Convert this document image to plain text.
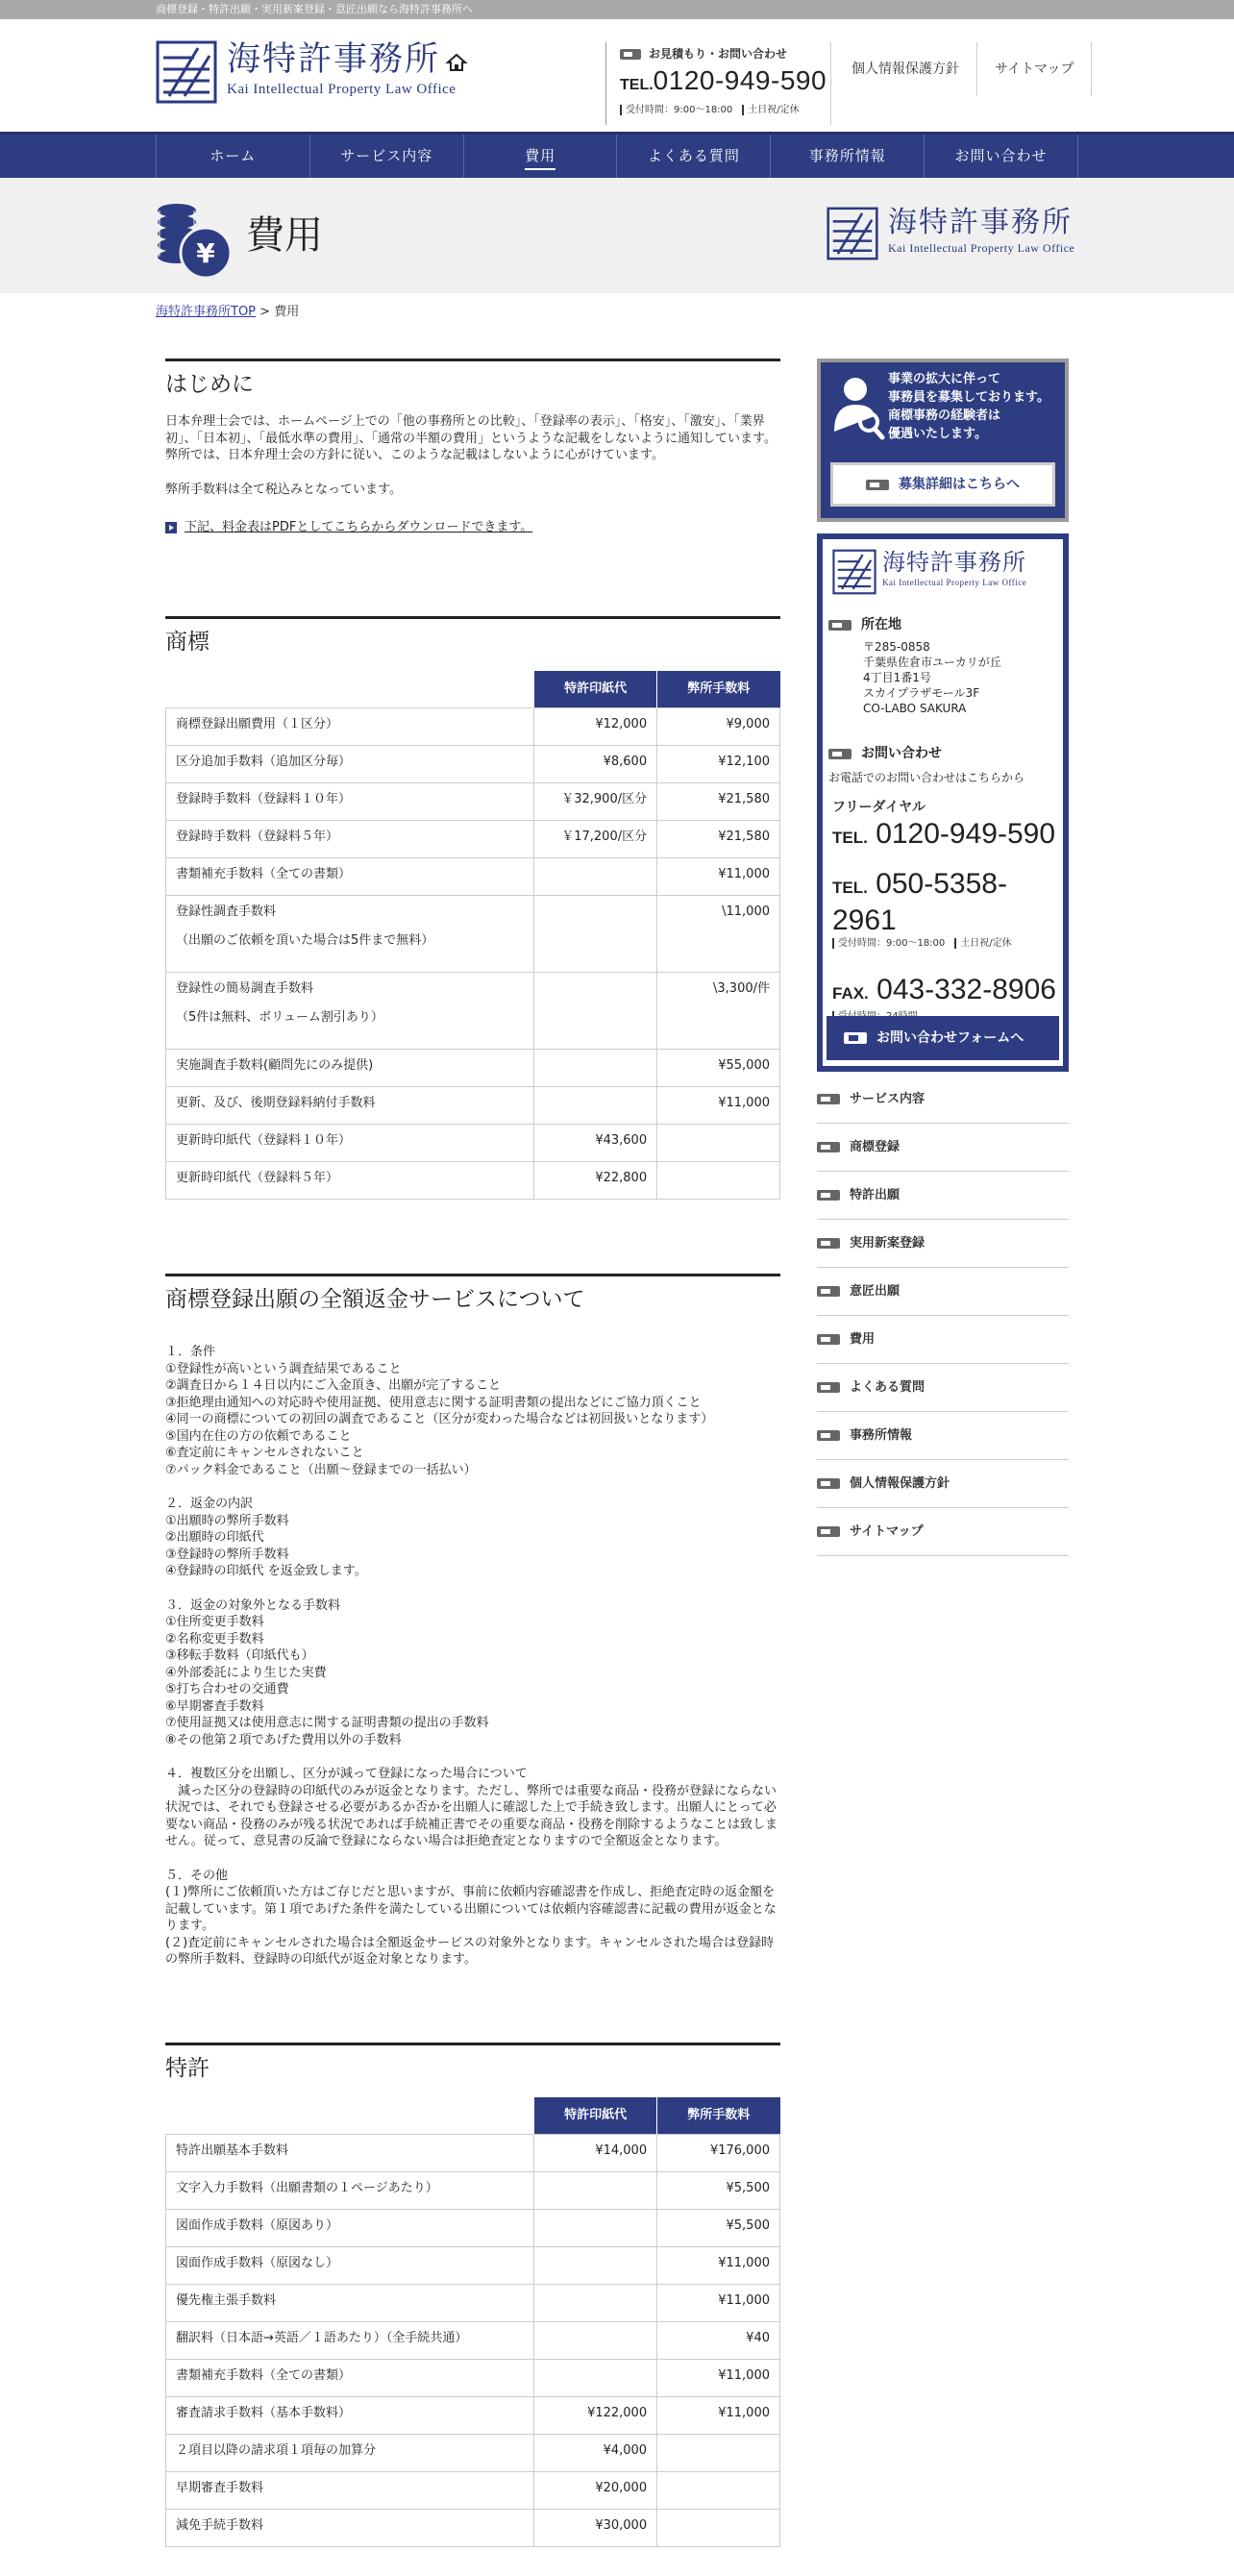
商標登録・特許出願・実用新案登録・意匠出願なら海特許事務所へ
海特許事務所
Kai Intellectual Property Law Office
お見積もり・お問い合わせ
TEL.0120-949-590
受付時間：9:00〜18:00 土日祝/定休
個人情報保護方針	サイトマップ
ホーム	サービス内容	費用	よくある質問	事務所情報	お問い合わせ
¥ 費用	海特許事務所
Kai Intellectual Property Law Office
海特許事務所TOP > 費用
はじめに

日本弁理士会では、ホームページ上での「他の事務所との比較」、「登録率の表示」、「格安」、「激安」、「業界初」、「日本初」、「最低水準の費用」、「通常の半額の費用」というような記載をしないように通知しています。

弊所では、日本弁理士会の方針に従い、このような記載はしないように心がけています。

弊所手数料は全て税込みとなっています。

下記、料金表はPDFとしてこちらからダウンロードできます。
商標
	特許印紙代	弊所手数料

商標登録出願費用（１区分）	¥12,000	¥9,000

区分追加手数料（追加区分毎）	¥8,600	¥12,100

登録時手数料（登録料１０年）	￥32,900/区分	¥21,580

登録時手数料（登録料５年）	￥17,200/区分	¥21,580

書類補充手数料（全ての書類）		¥11,000

登録性調査手数料
（出願のご依頼を頂いた場合は5件まで無料）		\11,000

登録性の簡易調査手数料
（5件は無料、ボリューム割引あり）		\3,300/件

実施調査手数料(顧問先にのみ提供)		¥55,000

更新、及び、後期登録料納付手数料		¥11,000

更新時印紙代（登録料１０年）	¥43,600	

更新時印紙代（登録料５年）	¥22,800	
商標登録出願の全額返金サービスについて

１．条件

①登録性が高いという調査結果であること

②調査日から１４日以内にご入金頂き、出願が完了すること

③拒絶理由通知への対応時や使用証拠、使用意志に関する証明書類の提出などにご協力頂くこと

④同一の商標についての初回の調査であること（区分が変わった場合などは初回扱いとなります）

⑤国内在住の方の依頼であること

⑥査定前にキャンセルされないこと

⑦パック料金であること（出願～登録までの一括払い）

２．返金の内訳

①出願時の弊所手数料

②出願時の印紙代

③登録時の弊所手数料

④登録時の印紙代 を返金致します。

３．返金の対象外となる手数料

①住所変更手数料

②名称変更手数料

③移転手数料（印紙代も）

④外部委託により生じた実費

⑤打ち合わせの交通費

⑥早期審査手数料

⑦使用証拠又は使用意志に関する証明書類の提出の手数料

⑧その他第２項であげた費用以外の手数料

４．複数区分を出願し、区分が減って登録になった場合について

　減った区分の登録時の印紙代のみが返金となります。ただし、弊所では重要な商品・役務が登録にならない状況では、それでも登録させる必要があるか否かを出願人に確認した上で手続き致します。出願人にとって必要ない商品・役務のみが残る状況であれば手続補正書でその重要な商品・役務を削除するようなことは致しません。従って、意見書の反論で登録にならない場合は拒絶査定となりますので全額返金となります。

５．その他

(１)弊所にご依頼頂いた方はご存じだと思いますが、事前に依頼内容確認書を作成し、拒絶査定時の返金額を記載しています。第１項であげた条件を満たしている出願については依頼内容確認書に記載の費用が返金となります。

(２)査定前にキャンセルされた場合は全額返金サービスの対象外となります。キャンセルされた場合は登録時の弊所手数料、登録時の印紙代が返金対象となります。

特許
	特許印紙代	弊所手数料

特許出願基本手数料	¥14,000	¥176,000

文字入力手数料（出願書類の１ページあたり）		¥5,500

図面作成手数料（原図あり）		¥5,500

図面作成手数料（原図なし）		¥11,000

優先権主張手数料		¥11,000

翻訳料（日本語→英語／１語あたり）（全手続共通）		¥40

書類補充手数料（全ての書類）		¥11,000

審査請求手数料（基本手数料）	¥122,000	¥11,000

２項目以降の請求項１項毎の加算分	¥4,000	

早期審査手数料	¥20,000	

減免手続手数料	¥30,000	
事業の拡大に伴って
事務員を募集しております。
商標事務の経験者は
優遇いたします。
募集詳細はこちらへ
海特許事務所
Kai Intellectual Property Law Office
所在地
〒285-0858
千葉県佐倉市ユーカリが丘
4丁目1番1号
スカイプラザモール3F
CO-LABO SAKURA
お問い合わせ
お電話でのお問い合わせはこちらから
フリーダイヤル
TEL. 0120-949-590
TEL. 050-5358-2961
受付時間：9:00〜18:00 土日祝/定休
FAX. 043-332-8906
お問い合わせフォームへ
サービス内容
商標登録
特許出願
実用新案登録
意匠出願
費用
よくある質問
事務所情報
個人情報保護方針
サイトマップ
